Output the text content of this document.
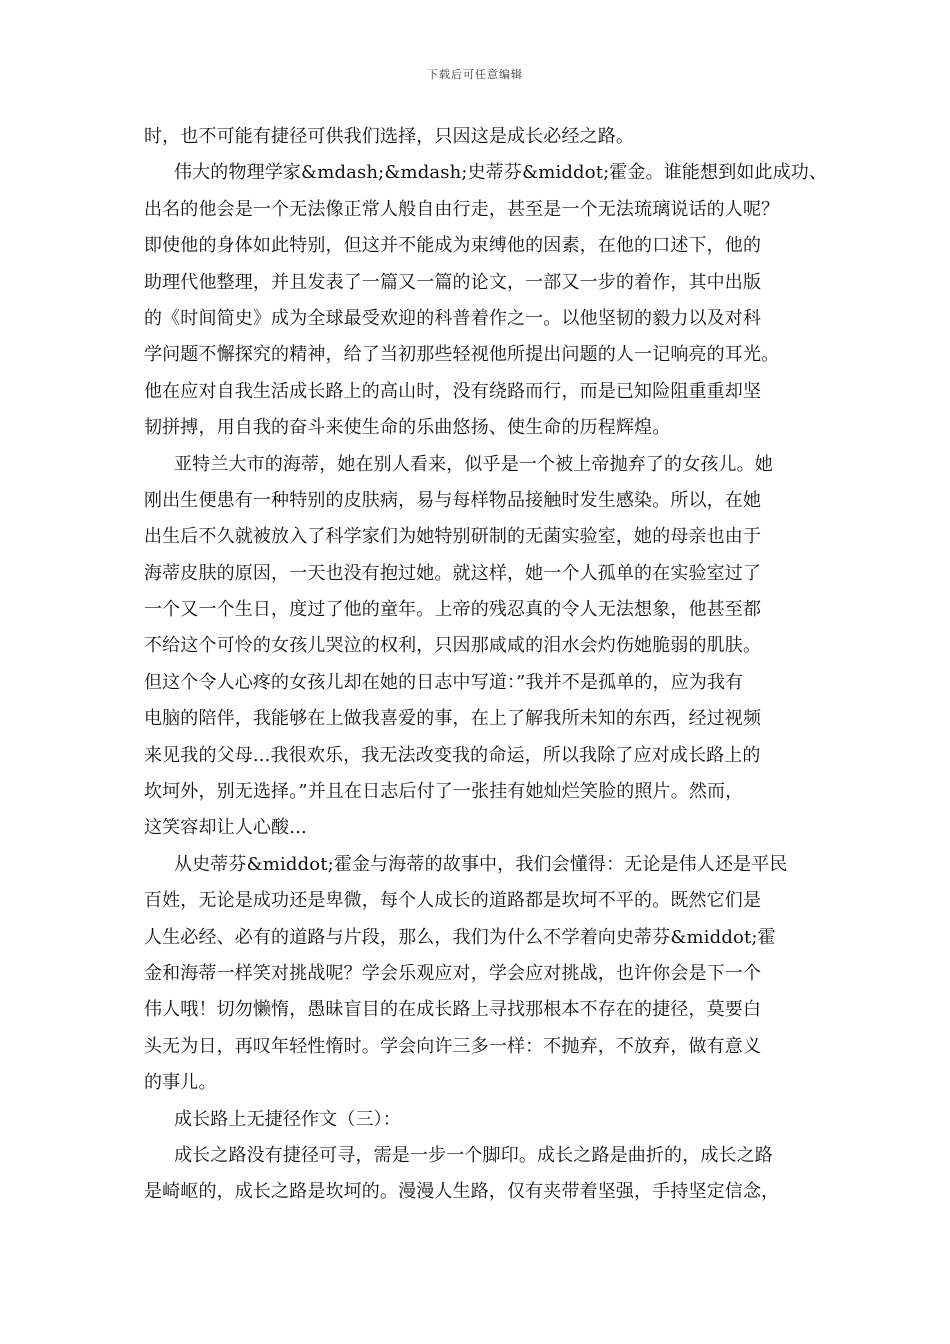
下载后可任意编辑
时，也不可能有捷径可供我们选择，只因这是成长必经之路。
伟大的物理学家&mdash;&mdash;史蒂芬&middot;霍金。谁能想到如此成功、
出名的他会是一个无法像正常人般自由行走，甚至是一个无法琉璃说话的人呢？
即使他的身体如此特别，但这并不能成为束缚他的因素，在他的口述下，他的
助理代他整理，并且发表了一篇又一篇的论文，一部又一步的着作，其中出版
的《时间简史》成为全球最受欢迎的科普着作之一。以他坚韧的毅力以及对科
学问题不懈探究的精神，给了当初那些轻视他所提出问题的人一记响亮的耳光。
他在应对自我生活成长路上的高山时，没有绕路而行，而是已知险阻重重却坚
韧拼搏，用自我的奋斗来使生命的乐曲悠扬、使生命的历程辉煌。
亚特兰大市的海蒂，她在别人看来，似乎是一个被上帝抛弃了的女孩儿。她
刚出生便患有一种特别的皮肤病，易与每样物品接触时发生感染。所以，在她
出生后不久就被放入了科学家们为她特别研制的无菌实验室，她的母亲也由于
海蒂皮肤的原因，一天也没有抱过她。就这样，她一个人孤单的在实验室过了
一个又一个生日，度过了他的童年。上帝的残忍真的令人无法想象，他甚至都
不给这个可怜的女孩儿哭泣的权利，只因那咸咸的泪水会灼伤她脆弱的肌肤。
但这个令人心疼的女孩儿却在她的日志中写道：”我并不是孤单的，应为我有
电脑的陪伴，我能够在上做我喜爱的事，在上了解我所未知的东西，经过视频
来见我的父母...我很欢乐，我无法改变我的命运，所以我除了应对成长路上的
坎坷外，别无选择。”并且在日志后付了一张挂有她灿烂笑脸的照片。然而，
这笑容却让人心酸...
从史蒂芬&middot;霍金与海蒂的故事中，我们会懂得：无论是伟人还是平民
百姓，无论是成功还是卑微，每个人成长的道路都是坎坷不平的。既然它们是
人生必经、必有的道路与片段，那么，我们为什么不学着向史蒂芬&middot;霍
金和海蒂一样笑对挑战呢？学会乐观应对，学会应对挑战，也许你会是下一个
伟人哦！切勿懒惰，愚昧盲目的在成长路上寻找那根本不存在的捷径，莫要白
头无为日，再叹年轻性惰时。学会向许三多一样：不抛弃，不放弃，做有意义
的事儿。
成长路上无捷径作文（三）：
成长之路没有捷径可寻，需是一步一个脚印。成长之路是曲折的，成长之路
是崎岖的，成长之路是坎坷的。漫漫人生路，仅有夹带着坚强，手持坚定信念，
